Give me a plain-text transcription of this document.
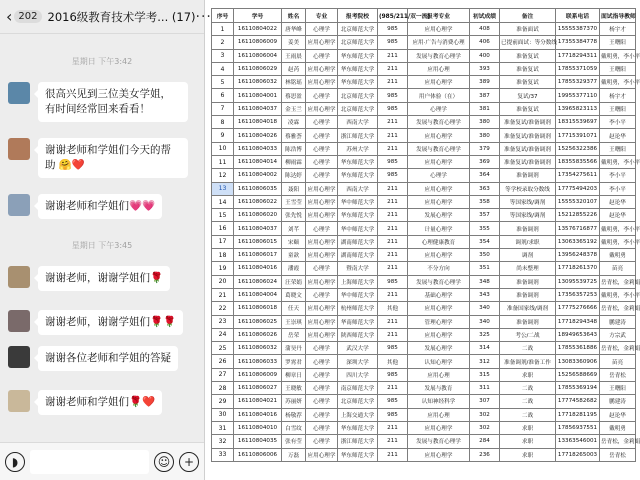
‹ 202 2016级教育技术学考... (17) ···
星期日 下午3:42
很高兴见到三位美女学姐，有时间经常回来看看！
谢谢老师和学姐们今天的帮助 🤗❤️
谢谢老师和学姐们💗💗
星期日 下午3:45
谢谢老师，谢谢学姐们🌹
谢谢老师，谢谢学姐们🌹🌹
谢谢各位老师和学姐的答疑
谢谢老师和学姐们🌹❤️
◗	☺	+
序号	学号	姓名	专业	报考院校	(985/211/双一流)	报考专业	初试成绩	备注	联系电话	面试指导教师
1	16110804022	唐华峰	心理学	北京师范大学	985	应用心理学	408	准备面试	15555387370	杨宇才
2	16110806009	姜美	应用心理学	北京师范大学	985	应用·广告与消费心理	406	已提前面试：等分数线	17355384778	王曙阳
3	16110806004	王雨晨	心理学	华东师范大学	211	发展与教育心理学	400	准备复试	17718294311	戴明勇，李小平
4	16110806029	赵芮	应用心理学	华东师范大学	211	应用心理	393	准备复试	17855371059	王曙阳
5	16110806032	林铭瑶	应用心理学	华东师范大学	211	应用心理学	389	准备复试	17855329377	戴明勇，李小平
6	16110804001	蔡思盈	心理学	北京师范大学	985	用户体验（在）	387	复试/37	19955377110	杨宇才
7	16110804037	金玉兰	应用心理学	北京师范大学	985	心理学	381	准备复试	13965823113	王曙阳
8	16110804018	凌霖	心理学	西南大学	211	发展与教育心理学	380	准备复试/准备调剂	18315539697	李小平
9	16110804026	蔡雅荟	心理学	浙江师范大学	211	应用心理学	380	准备复试/准备调剂	17715391071	赵论华
10	16110804033	陈浩博	心理学	苏州大学	211	发展与教育心理学	379	准备复试/准备调剂	15256322386	王曙阳
11	16110804014	柳雨霖	心理学	华东师范大学	985	应用心理学	369	准备复试/准备调剂	18355835566	戴明勇，李小平
12	16110804002	陈达婷	心理学	华东师范大学	985	心理学	364	准备调剂	17354275611	李小平
13	16110806035	聂阳	应用心理学	西南大学	211	应用心理学	363	等学校录取分数线	17775494203	李小平
14	16110806022	王雪莹	应用心理学	华中师范大学	211	应用心理学	358	等国家线/调剂	15555320107	赵论华
15	16110806020	张先悦	应用心理学	华东师范大学	211	发展心理学	357	等国家线/调剂	15212855226	赵论华
16	16110804037	刘芊	心理学	华中师范大学	211	计量心理学	355	准备调剂	13576716877	戴明勇，李小平
17	16110806015	宋颐	应用心理学	湖南师范大学	211	心理健康教育	354	调剂/求职	13063365192	戴明勇，李小平
18	16110806017	童歆	应用心理学	湖南师范大学	211	应用心理学	350	调剂	13956248378	戴明勇
19	16110804016	潘霞	心理学	暨南大学	211	不分方向	351	尚未整理	17718261370	苗亮
20	16110806024	汪荣娟	应用心理学	上海师范大学	985	发展与教育心理学	348	准备调剂	13095539725	岳青松，金莉娟
21	16110804004	葛晓文	心理学	华中师范大学	211	基础心理学	343	准备调剂	17356357253	戴明勇，李小平
22	16110806018	任天	应用心理学	杭州师范大学	其他	应用心理学	340	准备国家线/调剂	17775276666	岳青松，金莉娟
23	16110806025	王崇琪	应用心理学	华南师范大学	211	管理心理学	340	准备调剂	17718294348	鹏建涛
24	16110806026	岳荣	应用心理学	陕西师范大学	211	应用心理学	325	考公/二战	18949653643	方宗武
25	16110806032	蒲昊丹	心理学	武汉大学	985	发展心理学	314	二战	17855361886	岳青松，金莉娟
26	16110806033	罗霄君	心理学	深圳大学	其他	认知心理学	312	准备调剂/准备工作	13083360906	苗亮
27	16110806009	柳章日	心理学	四川大学	985	应用心理	315	求职	15256588669	岳青松
28	16110806027	王晓敏	心理学	南京师范大学	211	发展与教育	311	二战	17855369194	王曙阳
29	16110804021	苏丽妍	心理学	北京师范大学	985	认知神经科学	307	二战	17774582682	鹏建涛
30	16110804016	杨敬荐	心理学	上海交通大学	985	应用心理	302	二战	17718281195	赵论华
31	16110804010	白雪纹	心理学	华东师范大学	211	应用心理学	302	求职	17856937551	戴明勇
32	16110804035	张有莹	心理学	浙江师范大学	211	发展与教育心理学	284	求职	13363546001	岳青松，金莉娟
33	16110806006	万磊	应用心理学	华东师范大学	211	应用心理学	236	求职	17718265003	岳青松
